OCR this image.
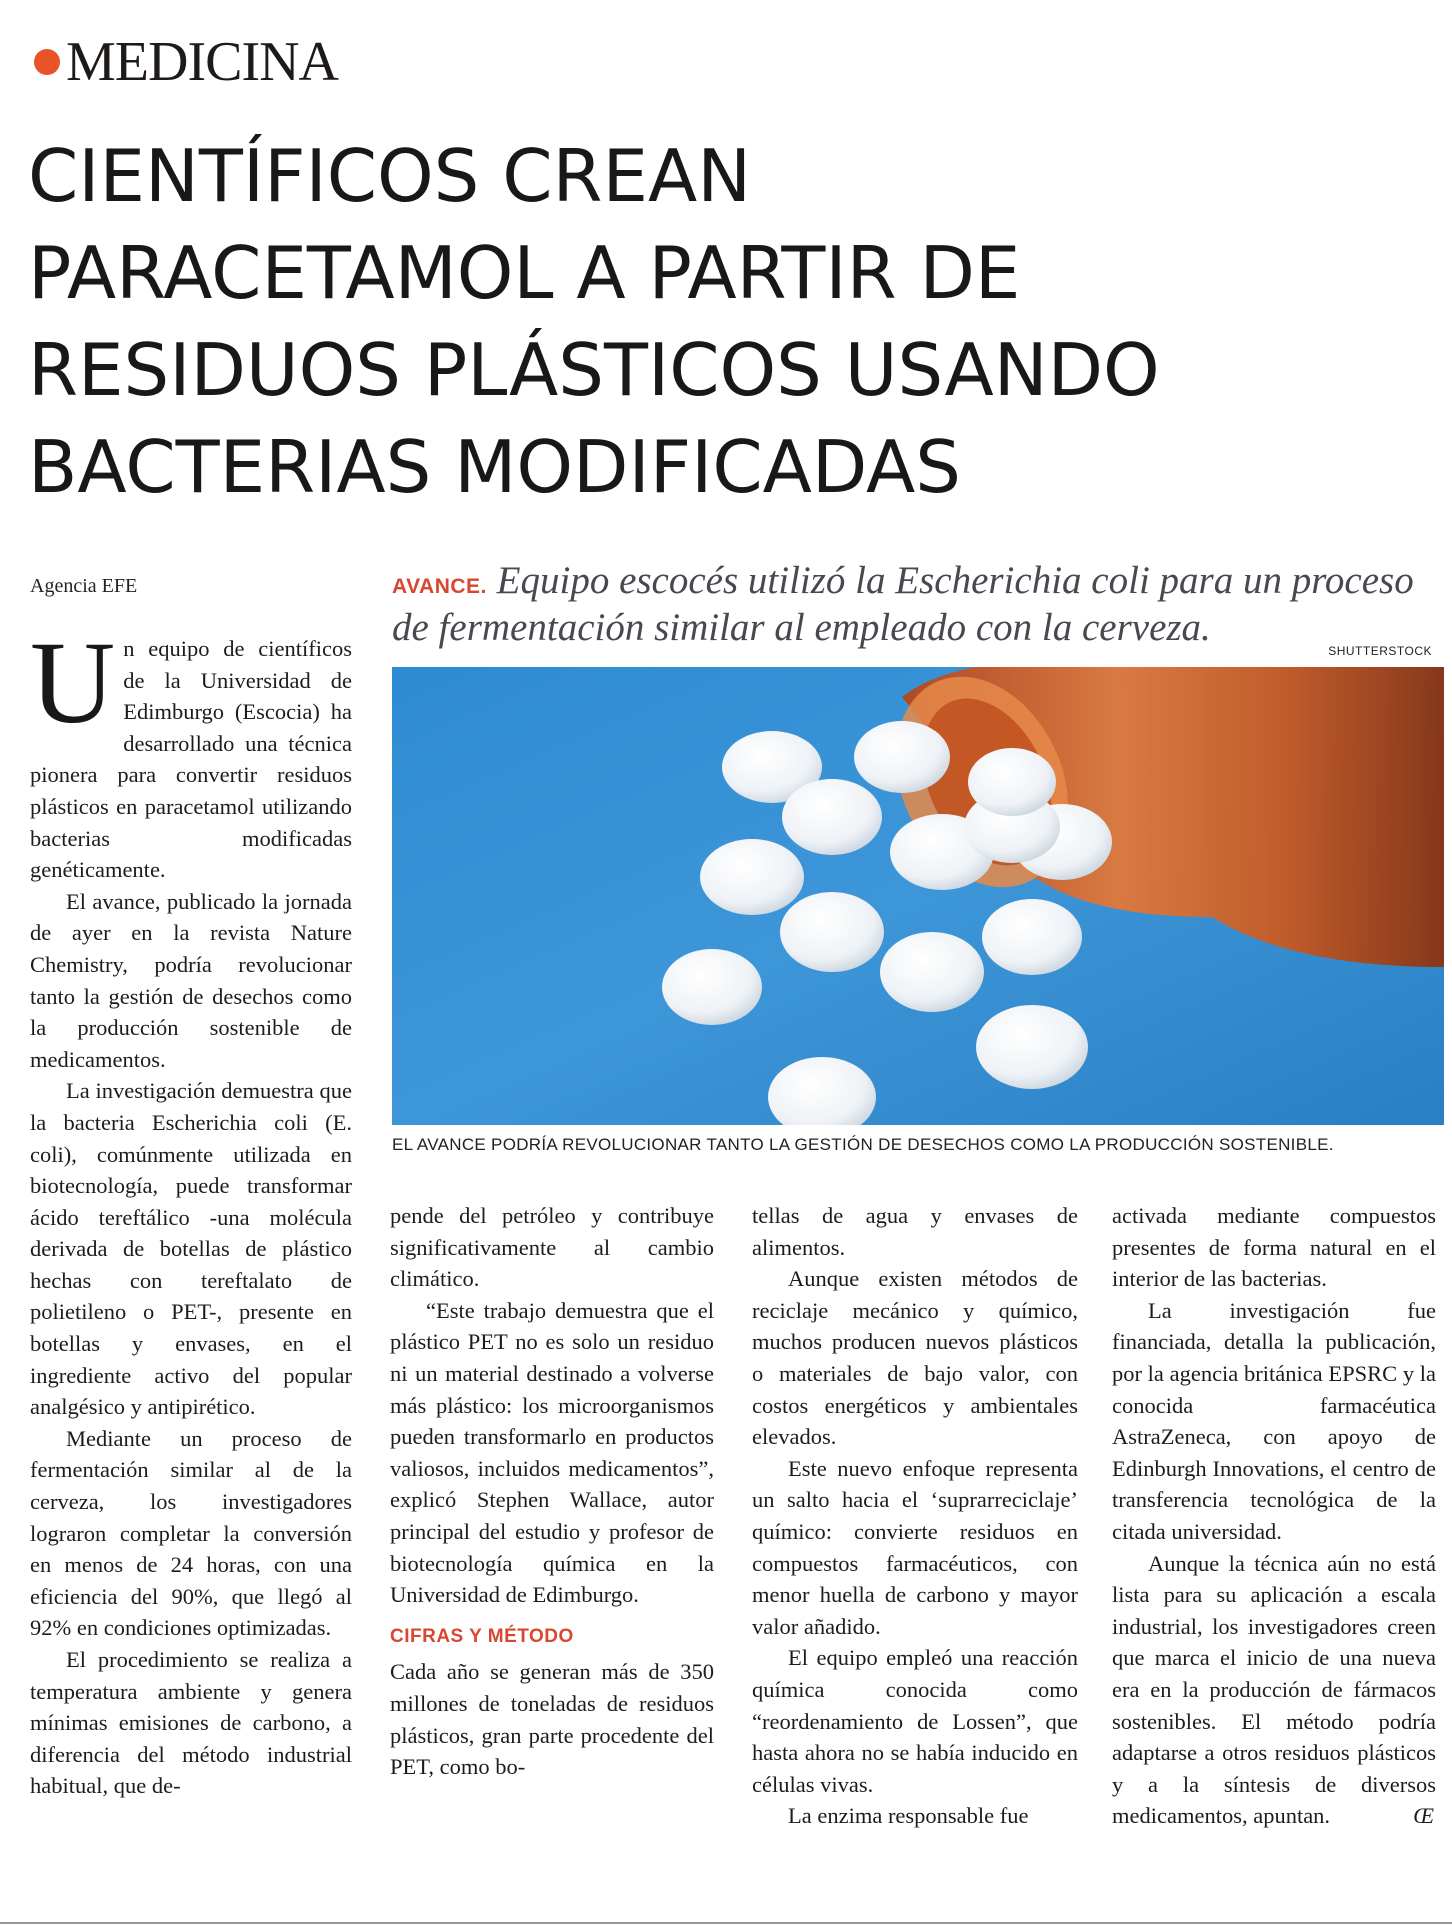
MEDICINA
CIENTÍFICOS CREAN
PARACETAMOL A PARTIR DE
RESIDUOS PLÁSTICOS USANDO
BACTERIAS MODIFICADAS
Agencia EFE	AVANCE. Equipo escocés utilizó la Escherichia coli para un proceso de fermentación similar al empleado con la cerveza.
SHUTTERSTOCK
EL AVANCE PODRÍA REVOLUCIONAR TANTO LA GESTIÓN DE DESECHOS COMO LA PRODUCCIÓN SOSTENIBLE.

Un equipo de científicos de la Universidad de Edimburgo (Escocia) ha desarrollado una técnica pionera para convertir residuos plásticos en paracetamol utilizando bacterias modificadas genéticamente.

El avance, publicado la jornada de ayer en la revista Nature Chemistry, podría revolucionar tanto la gestión de desechos como la producción sostenible de medicamentos.

La investigación demuestra que la bacteria Escherichia coli (E. coli), comúnmente utilizada en biotecnología, puede transformar ácido tereftálico -una molécula derivada de botellas de plástico hechas con tereftalato de polietileno o PET-, presente en botellas y envases, en el ingrediente activo del popular analgésico y antipirético.

Mediante un proceso de fermentación similar al de la cerveza, los investigadores lograron completar la conversión en menos de 24 horas, con una eficiencia del 90%, que llegó al 92% en condiciones optimizadas.

El procedimiento se realiza a temperatura ambiente y genera mínimas emisiones de carbono, a diferencia del método industrial habitual, que de-

pende del petróleo y contribuye significativamente al cambio climático.

“Este trabajo demuestra que el plástico PET no es solo un residuo ni un material destinado a volverse más plástico: los microorganismos pueden transformarlo en productos valiosos, incluidos medicamentos”, explicó Stephen Wallace, autor principal del estudio y profesor de biotecnología química en la Universidad de Edimburgo.

CIFRAS Y MÉTODO

Cada año se generan más de 350 millones de toneladas de residuos plásticos, gran parte procedente del PET, como bo-

tellas de agua y envases de alimentos.

Aunque existen métodos de reciclaje mecánico y químico, muchos producen nuevos plásticos o materiales de bajo valor, con costos energéticos y ambientales elevados.

Este nuevo enfoque representa un salto hacia el ‘suprarreciclaje’ químico: convierte residuos en compuestos farmacéuticos, con menor huella de carbono y mayor valor añadido.

El equipo empleó una reacción química conocida como “reordenamiento de Lossen”, que hasta ahora no se había inducido en células vivas.

La enzima responsable fue

activada mediante compuestos presentes de forma natural en el interior de las bacterias.

La investigación fue financiada, detalla la publicación, por la agencia británica EPSRC y la conocida farmacéutica AstraZeneca, con apoyo de Edinburgh Innovations, el centro de transferencia tecnológica de la citada universidad.

Aunque la técnica aún no está lista para su aplicación a escala industrial, los investigadores creen que marca el inicio de una nueva era en la producción de fármacos sostenibles. El método podría adaptarse a otros residuos plásticos y a la síntesis de diversos medicamentos, apuntan.	Œ
